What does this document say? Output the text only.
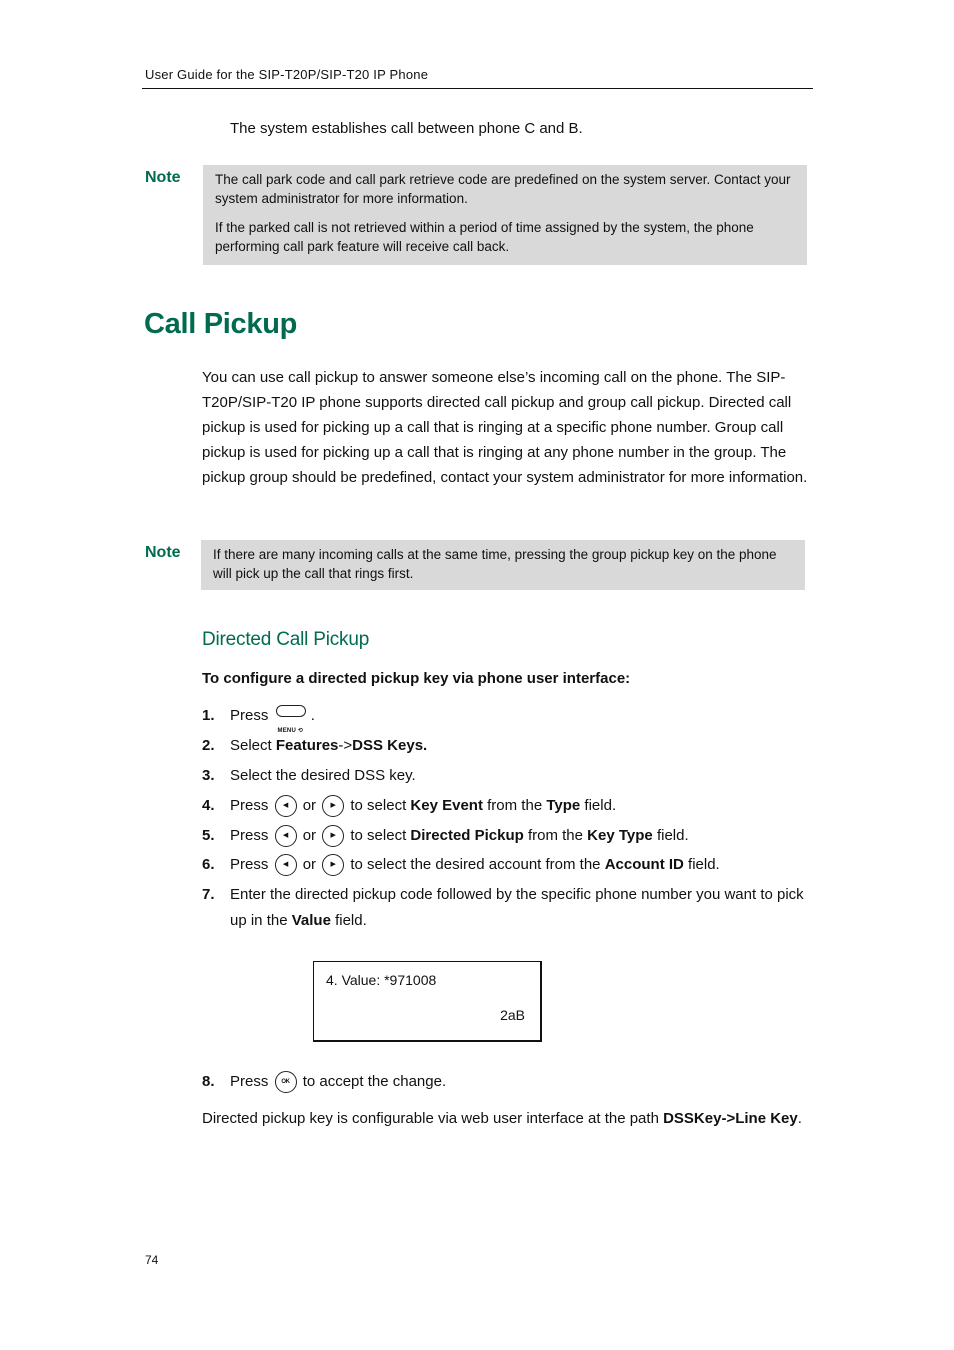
User Guide for the SIP-T20P/SIP-T20 IP Phone
The system establishes call between phone C and B.
Note	The call park code and call park retrieve code are predefined on the system server. Contact your system administrator for more information.

If the parked call is not retrieved within a period of time assigned by the system, the phone performing call park feature will receive call back.

Call Pickup
You can use call pickup to answer someone else’s incoming call on the phone. The SIP-T20P/SIP-T20 IP phone supports directed call pickup and group call pickup. Directed call pickup is used for picking up a call that is ringing at a specific phone number. Group call pickup is used for picking up a call that is ringing at any phone number in the group. The pickup group should be predefined, contact your system administrator for more information.
Note If there are many incoming calls at the same time, pressing the group pickup key on the phone will pick up the call that rings first.

Directed Call Pickup
To configure a directed pickup key via phone user interface:
1. Press
MENU ⟲
.
2. Select Features->DSS Keys.
3. Select the desired DSS key.
4. Press	◀ or	▶ to select Key Event from the Type field.
5. Press	◀ or	▶ to select Directed Pickup from the Key Type field.
6. Press	◀ or	▶ to select the desired account from the Account ID field.
7. Enter the directed pickup code followed by the specific phone number you want to pick up in the Value field.
4. Value: *971008
2aB
8. Press	OK to accept the change.
Directed pickup key is configurable via web user interface at the path DSSKey->Line Key.
74
